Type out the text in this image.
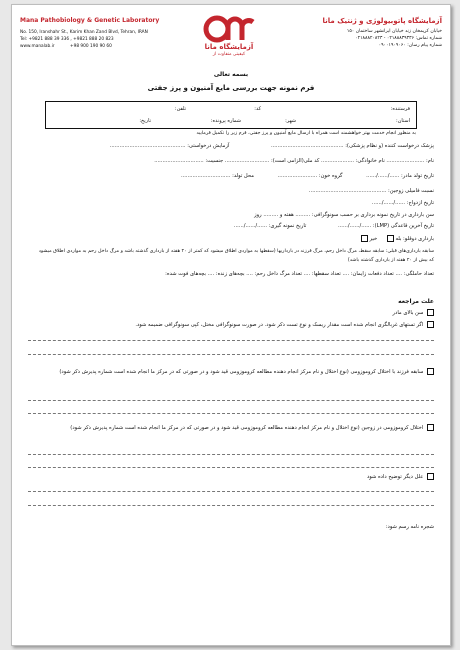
Mana Pathobiology & Genetic Laboratory
No. 150, Iranshahr St., Karim Khan Zand Blvd, Tehran, IRAN
Tel: +9821 888 39 336 , +9821 888 20 823
www.manalab.ir	+98 900 190 90 60	آزمایشگاه مانا
کیفیتی متفاوت از
آزمایشگاه پاتوبیولوژی و ژنتیک مانا
خیابان کریمخان زند خیابان ایرانشهر ساختمان ۱۵۰
شماره تماس: ۰۲۱۸۸۸۳۹۳۳۶ - ۰۲۱۸۸۸۲۰۸۲۳
شماره پیام رسان: ۰۹۰۰۱۹۰۹۰۶۰
بسمه تعالی
فرم نمونه جهت بررسی مایع آمنیون و پرز جفتی
فرستنده:
کد:
تلفن:
استان:
شهر:
شماره پرونده:
تاریخ:
به منظور انجام خدمت بهتر خواهشمند است همراه با ارسال مایع آمنیون و پرز جفتی، فرم زیر را تکمیل فرمایید
پزشک درخواست کننده (و نظام پزشکی): ............................................ آزمایش درخواستی: ..............................................
نام: ....................... نام خانوادگی: .................... کد ملی(الزامی است): ........................... جنسیت: ..............................
تاریخ تولد مادر: ....../....../...... گروه خون: ........................ محل تولد: ..............................
نسبت فامیلی زوجین: ...............................................
تاریخ ازدواج: ....../....../......
سن بارداری در تاریخ نمونه برداری بر حسب سونوگرافی: ......... هفته و ......... روز
تاریخ آخرین قاعدگی (LMP): ....../....../...... تاریخ نمونه گیری: ....../....../......
بارداری دوقلو: بله  خیر
سابقه بارداری‌های قبلی: سابقه سقط، مرگ داخل رحم، مرگ فرزند در بارداریها (سقطها به مواردی اطلاق میشود که کمتر از ۲۰ هفته از بارداری گذشته باشد و مرگ داخل رحم به مواردی اطلاق میشود که بیش از ۲۰ هفته از بارداری گذشته باشد)
تعداد حاملگی: .... تعداد دفعات زایمان: .... تعداد سقطها: .... تعداد مرگ داخل رحم: .... بچه‌های زنده: .... بچه‌های فوت شده:
علت مراجعه
سن بالای مادر
اگر تستهای غربالگری انجام شده است مقدار ریسک و نوع تست ذکر شود. در صورت سونوگرافی مختل، کپی سونوگرافی ضمیمه شود.
سابقه فرزند با اختلال کروموزومی (نوع اختلال و نام مرکز انجام دهنده مطالعه کروموزومی قید شود و در صورتی که در مرکز ما انجام شده است شماره پذیرش ذکر شود)
اختلال کروموزومی در زوجین (نوع اختلال و نام مرکز انجام دهنده مطالعه کروموزومی قید شود و در صورتی که در مرکز ما انجام شده است شماره پذیرش ذکر شود)
علل دیگر توضیح داده شود
شجره نامه رسم شود:
